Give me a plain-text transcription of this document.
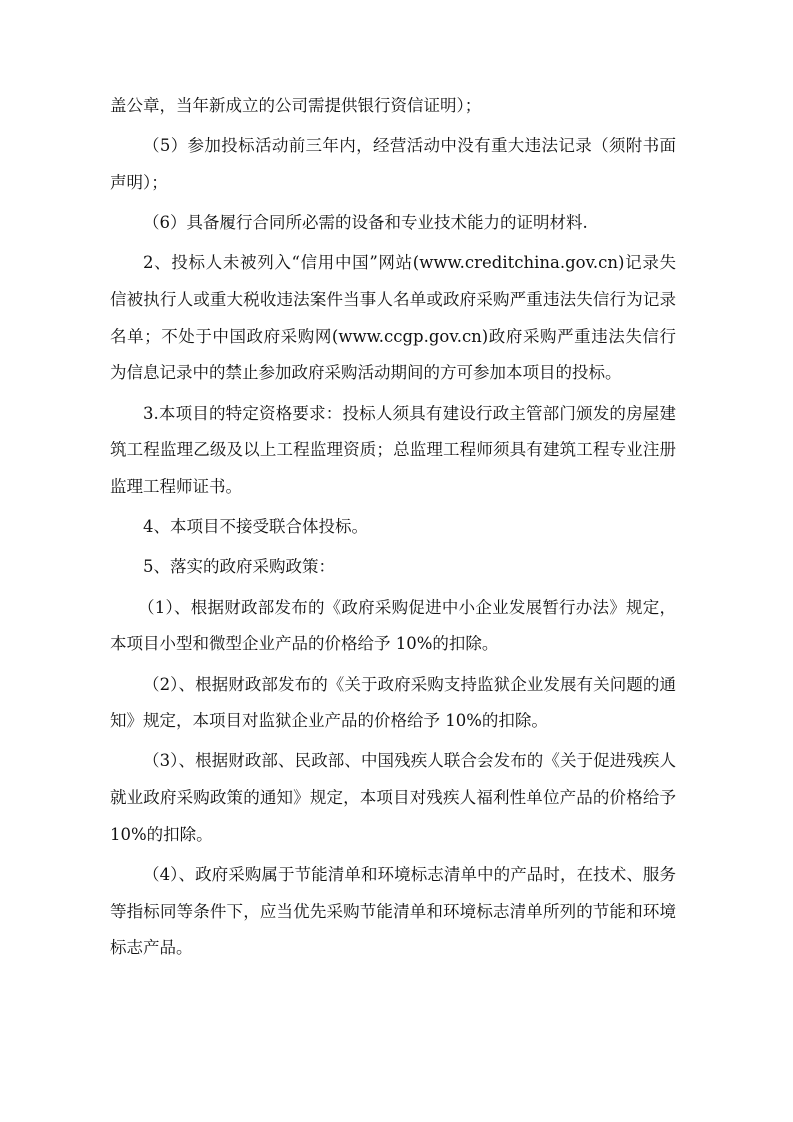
盖公章，当年新成立的公司需提供银行资信证明）；

（5）参加投标活动前三年内，经营活动中没有重大违法记录（须附书面声明）；

（6）具备履行合同所必需的设备和专业技术能力的证明材料.

2、投标人未被列入“信用中国”网站(www.creditchina.gov.cn)记录失信被执行人或重大税收违法案件当事人名单或政府采购严重违法失信行为记录名单；不处于中国政府采购网(www.ccgp.gov.cn)政府采购严重违法失信行为信息记录中的禁止参加政府采购活动期间的方可参加本项目的投标。

3.本项目的特定资格要求：投标人须具有建设行政主管部门颁发的房屋建筑工程监理乙级及以上工程监理资质；总监理工程师须具有建筑工程专业注册监理工程师证书。

4、本项目不接受联合体投标。

5、落实的政府采购政策：

（1）、根据财政部发布的《政府采购促进中小企业发展暂行办法》规定，本项目小型和微型企业产品的价格给予 10%的扣除。

（2）、根据财政部发布的《关于政府采购支持监狱企业发展有关问题的通知》规定，本项目对监狱企业产品的价格给予 10%的扣除。

（3）、根据财政部、民政部、中国残疾人联合会发布的《关于促进残疾人就业政府采购政策的通知》规定，本项目对残疾人福利性单位产品的价格给予 10%的扣除。

（4）、政府采购属于节能清单和环境标志清单中的产品时，在技术、服务等指标同等条件下，应当优先采购节能清单和环境标志清单所列的节能和环境标志产品。
